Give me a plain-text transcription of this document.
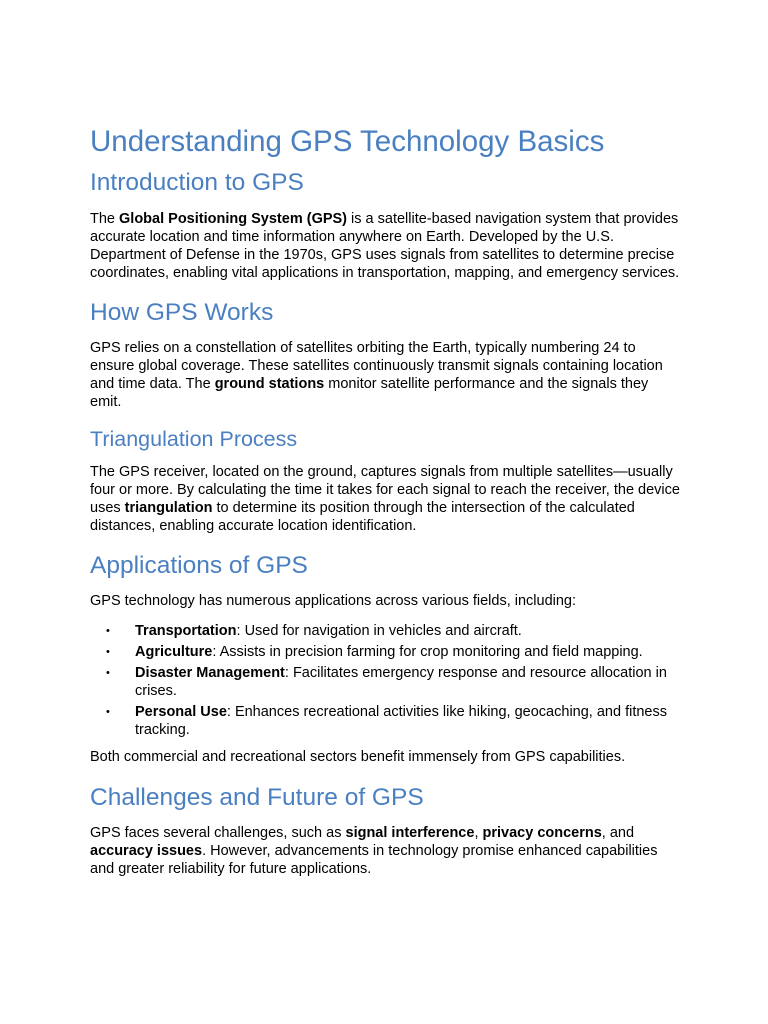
Understanding GPS Technology Basics
Introduction to GPS

The Global Positioning System (GPS) is a satellite-based navigation system that provides accurate location and time information anywhere on Earth. Developed by the U.S. Department of Defense in the 1970s, GPS uses signals from satellites to determine precise coordinates, enabling vital applications in transportation, mapping, and emergency services.

How GPS Works

GPS relies on a constellation of satellites orbiting the Earth, typically numbering 24 to ensure global coverage. These satellites continuously transmit signals containing location and time data. The ground stations monitor satellite performance and the signals they emit.

Triangulation Process

The GPS receiver, located on the ground, captures signals from multiple satellites—usually four or more. By calculating the time it takes for each signal to reach the receiver, the device uses triangulation to determine its position through the intersection of the calculated distances, enabling accurate location identification.

Applications of GPS

GPS technology has numerous applications across various fields, including:

• Transportation: Used for navigation in vehicles and aircraft.
• Agriculture: Assists in precision farming for crop monitoring and field mapping.
• Disaster Management: Facilitates emergency response and resource allocation in crises.
• Personal Use: Enhances recreational activities like hiking, geocaching, and fitness tracking.

Both commercial and recreational sectors benefit immensely from GPS capabilities.

Challenges and Future of GPS

GPS faces several challenges, such as signal interference, privacy concerns, and accuracy issues. However, advancements in technology promise enhanced capabilities and greater reliability for future applications.
